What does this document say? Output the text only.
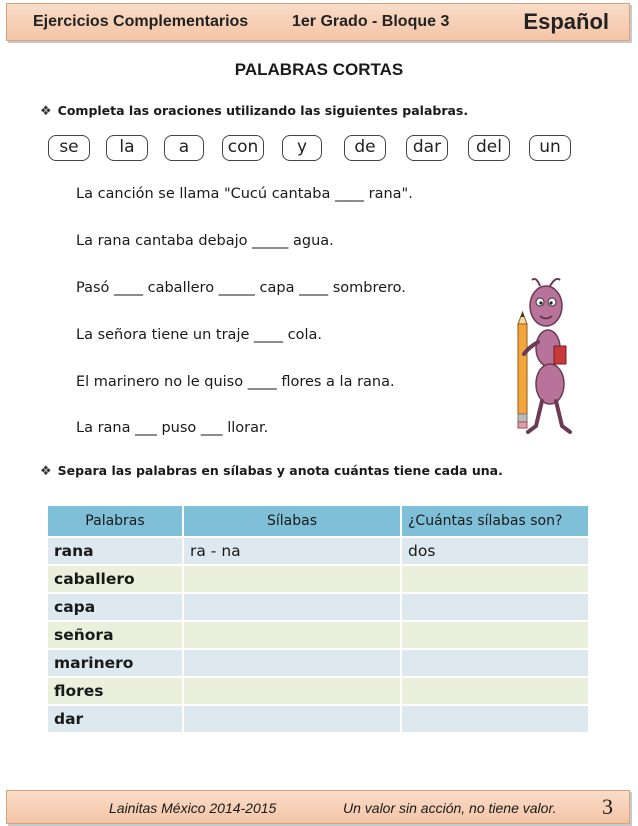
Ejercicios Complementarios	1er Grado - Bloque 3	Español
PALABRAS CORTAS
❖ Completa las oraciones utilizando las siguientes palabras.
se	la	a	con	y	de	dar	del	un
La canción se llama "Cucú cantaba ____ rana".
La rana cantaba debajo _____ agua.
Pasó ____ caballero _____ capa ____ sombrero.
La señora tiene un traje ____ cola.
El marinero no le quiso ____ flores a la rana.
La rana ___ puso ___ llorar.
❖ Separa las palabras en sílabas y anota cuántas tiene cada una.
Palabras	Sílabas	¿Cuántas sílabas son?
rana	ra - na	dos
caballero		
capa		
señora		
marinero		
flores		
dar		
Lainitas México 2014-2015	Un valor sin acción, no tiene valor. 3
